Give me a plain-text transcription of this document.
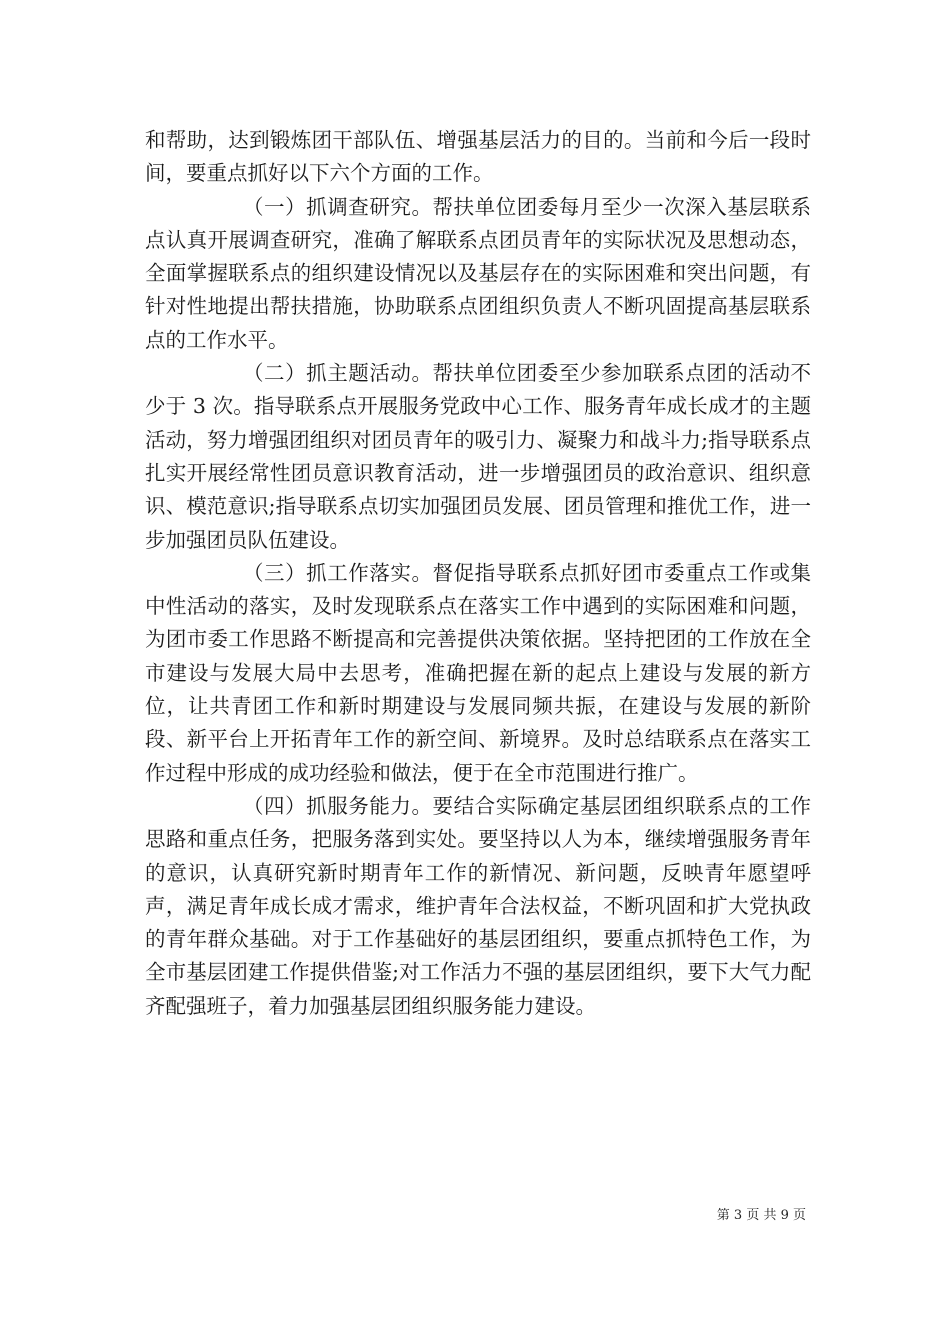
和帮助，达到锻炼团干部队伍、增强基层活力的目的。当前和今后一段时间，要重点抓好以下六个方面的工作。

（一）抓调查研究。帮扶单位团委每月至少一次深入基层联系点认真开展调查研究，准确了解联系点团员青年的实际状况及思想动态，全面掌握联系点的组织建设情况以及基层存在的实际困难和突出问题，有针对性地提出帮扶措施，协助联系点团组织负责人不断巩固提高基层联系点的工作水平。

（二）抓主题活动。帮扶单位团委至少参加联系点团的活动不少于 3 次。指导联系点开展服务党政中心工作、服务青年成长成才的主题活动，努力增强团组织对团员青年的吸引力、凝聚力和战斗力;指导联系点扎实开展经常性团员意识教育活动，进一步增强团员的政治意识、组织意识、模范意识;指导联系点切实加强团员发展、团员管理和推优工作，进一步加强团员队伍建设。

（三）抓工作落实。督促指导联系点抓好团市委重点工作或集中性活动的落实，及时发现联系点在落实工作中遇到的实际困难和问题，为团市委工作思路不断提高和完善提供决策依据。坚持把团的工作放在全市建设与发展大局中去思考，准确把握在新的起点上建设与发展的新方位，让共青团工作和新时期建设与发展同频共振，在建设与发展的新阶段、新平台上开拓青年工作的新空间、新境界。及时总结联系点在落实工作过程中形成的成功经验和做法，便于在全市范围进行推广。

（四）抓服务能力。要结合实际确定基层团组织联系点的工作思路和重点任务，把服务落到实处。要坚持以人为本，继续增强服务青年的意识，认真研究新时期青年工作的新情况、新问题，反映青年愿望呼声，满足青年成长成才需求，维护青年合法权益，不断巩固和扩大党执政的青年群众基础。对于工作基础好的基层团组织，要重点抓特色工作，为全市基层团建工作提供借鉴;对工作活力不强的基层团组织，要下大气力配齐配强班子，着力加强基层团组织服务能力建设。

第 3 页 共 9 页
